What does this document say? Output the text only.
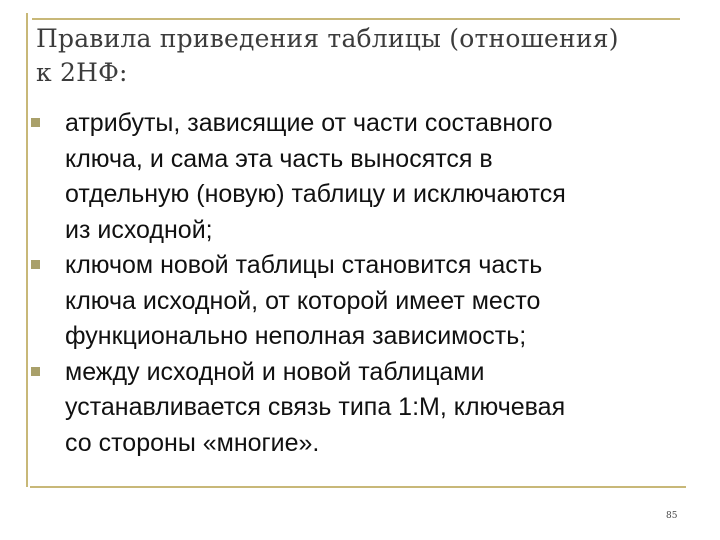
Правила приведения таблицы (отношения)
к 2НФ:
атрибуты, зависящие от части составного
ключа, и сама эта часть выносятся в
отдельную (новую) таблицу и исключаются
из исходной;
ключом новой таблицы становится часть
ключа исходной, от которой имеет место
функционально неполная зависимость;
между исходной и новой таблицами
устанавливается связь типа 1:М, ключевая
со стороны «многие».
85
